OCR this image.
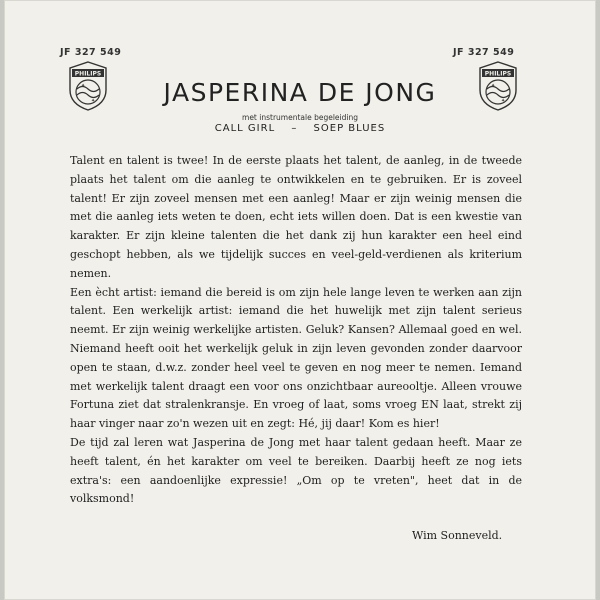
JF 327 549	JF 327 549
PHILIPS
✦
✦
PHILIPS
✦
✦
JASPERINA DE JONG
met instrumentale begeleiding
CALL GIRL – SOEP BLUES

Talent en talent is twee! In de eerste plaats het talent, de aanleg, in de tweede plaats het talent om die aanleg te ontwikkelen en te gebruiken. Er is zoveel talent! Er zijn zoveel mensen met een aanleg! Maar er zijn weinig mensen die met die aanleg iets weten te doen, echt iets willen doen. Dat is een kwestie van karakter. Er zijn kleine talenten die het dank zij hun karakter een heel eind geschopt hebben, als we tijdelijk succes en veel-geld-verdienen als kriterium nemen.

Een ècht artist: iemand die bereid is om zijn hele lange leven te werken aan zijn talent. Een werkelijk artist: iemand die het huwelijk met zijn talent serieus neemt. Er zijn weinig werkelijke artisten. Geluk? Kansen? Allemaal goed en wel. Niemand heeft ooit het werkelijk geluk in zijn leven gevonden zonder daarvoor open te staan, d.w.z. zonder heel veel te geven en nog meer te nemen. Iemand met werkelijk talent draagt een voor ons onzichtbaar aureooltje. Alleen vrouwe Fortuna ziet dat stralenkransje. En vroeg of laat, soms vroeg EN laat, strekt zij haar vinger naar zo'n wezen uit en zegt: Hé, jij daar! Kom es hier!

De tijd zal leren wat Jasperina de Jong met haar talent gedaan heeft. Maar ze heeft talent, én het karakter om veel te bereiken. Daarbij heeft ze nog iets extra's: een aandoenlijke expressie! „Om op te vreten", heet dat in de volksmond!

Wim Sonneveld.
